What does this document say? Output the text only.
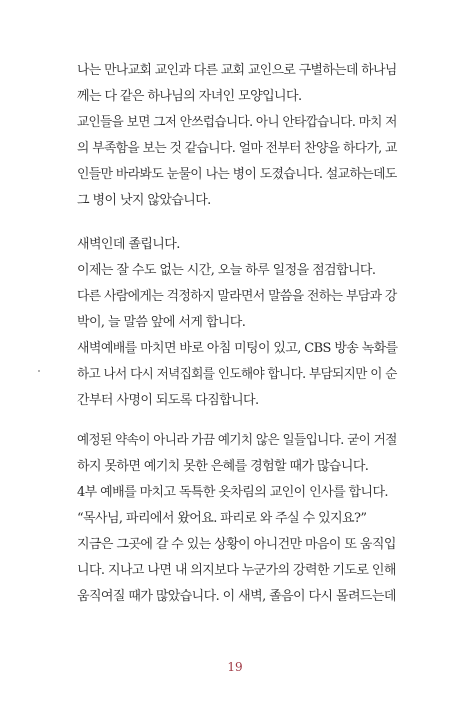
나는 만나교회 교인과 다른 교회 교인으로 구별하는데 하나님
께는 다 같은 하나님의 자녀인 모양입니다.
교인들을 보면 그저 안쓰럽습니다. 아니 안타깝습니다. 마치 저
의 부족함을 보는 것 같습니다. 얼마 전부터 찬양을 하다가, 교
인들만 바라봐도 눈물이 나는 병이 도졌습니다. 설교하는데도
그 병이 낫지 않았습니다.
새벽인데 졸립니다.
이제는 잘 수도 없는 시간, 오늘 하루 일정을 점검합니다.
다른 사람에게는 걱정하지 말라면서 말씀을 전하는 부담과 강
박이, 늘 말씀 앞에 서게 합니다.
새벽예배를 마치면 바로 아침 미팅이 있고, CBS 방송 녹화를
하고 나서 다시 저녁집회를 인도해야 합니다. 부담되지만 이 순
간부터 사명이 되도록 다짐합니다.
예정된 약속이 아니라 가끔 예기치 않은 일들입니다. 굳이 거절
하지 못하면 예기치 못한 은혜를 경험할 때가 많습니다.
4부 예배를 마치고 독특한 옷차림의 교인이 인사를 합니다.
“목사님, 파리에서 왔어요. 파리로 와 주실 수 있지요?”
지금은 그곳에 갈 수 있는 상황이 아니건만 마음이 또 움직입
니다. 지나고 나면 내 의지보다 누군가의 강력한 기도로 인해
움직여질 때가 많았습니다. 이 새벽, 졸음이 다시 몰려드는데
19
